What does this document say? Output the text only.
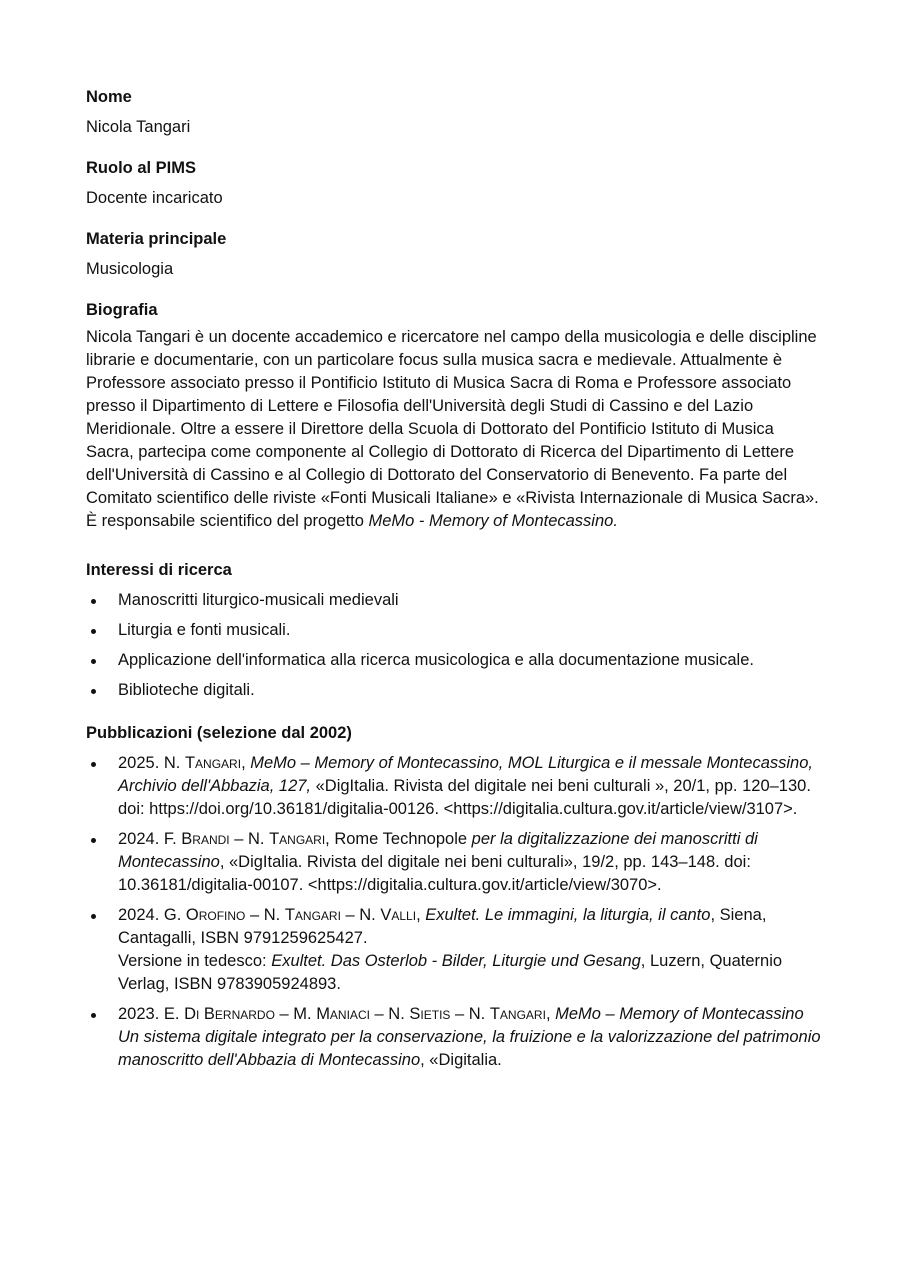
Nome

Nicola Tangari

Ruolo al PIMS

Docente incaricato

Materia principale

Musicologia

Biografia

Nicola Tangari è un docente accademico e ricercatore nel campo della musicologia e delle discipline librarie e documentarie, con un particolare focus sulla musica sacra e medievale. Attualmente è Professore associato presso il Pontificio Istituto di Musica Sacra di Roma e Professore associato presso il Dipartimento di Lettere e Filosofia dell'Università degli Studi di Cassino e del Lazio Meridionale. Oltre a essere il Direttore della Scuola di Dottorato del Pontificio Istituto di Musica Sacra, partecipa come componente al Collegio di Dottorato di Ricerca del Dipartimento di Lettere dell'Università di Cassino e al Collegio di Dottorato del Conservatorio di Benevento. Fa parte del Comitato scientifico delle riviste «Fonti Musicali Italiane» e «Rivista Internazionale di Musica Sacra». È responsabile scientifico del progetto MeMo - Memory of Montecassino.

Interessi di ricerca

Manoscritti liturgico-musicali medievali
Liturgia e fonti musicali.
Applicazione dell'informatica alla ricerca musicologica e alla documentazione musicale.
Biblioteche digitali.

Pubblicazioni (selezione dal 2002)

2025. N. Tangari, MeMo – Memory of Montecassino, MOL Liturgica e il messale Montecassino, Archivio dell'Abbazia, 127, «DigItalia. Rivista del digitale nei beni culturali », 20/1, pp. 120–130. doi: https://doi.org/10.36181/digitalia-00126. <https://digitalia.cultura.gov.it/article/view/3107>.
2024. F. Brandi – N. Tangari, Rome Technopole per la digitalizzazione dei manoscritti di Montecassino, «DigItalia. Rivista del digitale nei beni culturali», 19/2, pp. 143–148. doi: 10.36181/digitalia-00107. <https://digitalia.cultura.gov.it/article/view/3070>.
2024. G. Orofino – N. Tangari – N. Valli, Exultet. Le immagini, la liturgia, il canto, Siena, Cantagalli, ISBN 9791259625427.
Versione in tedesco: Exultet. Das Osterlob - Bilder, Liturgie und Gesang, Luzern, Quaternio Verlag, ISBN 9783905924893.
2023. E. Di Bernardo – M. Maniaci – N. Sietis – N. Tangari, MeMo – Memory of Montecassino Un sistema digitale integrato per la conservazione, la fruizione e la valorizzazione del patrimonio manoscritto dell'Abbazia di Montecassino, «Digitalia.
